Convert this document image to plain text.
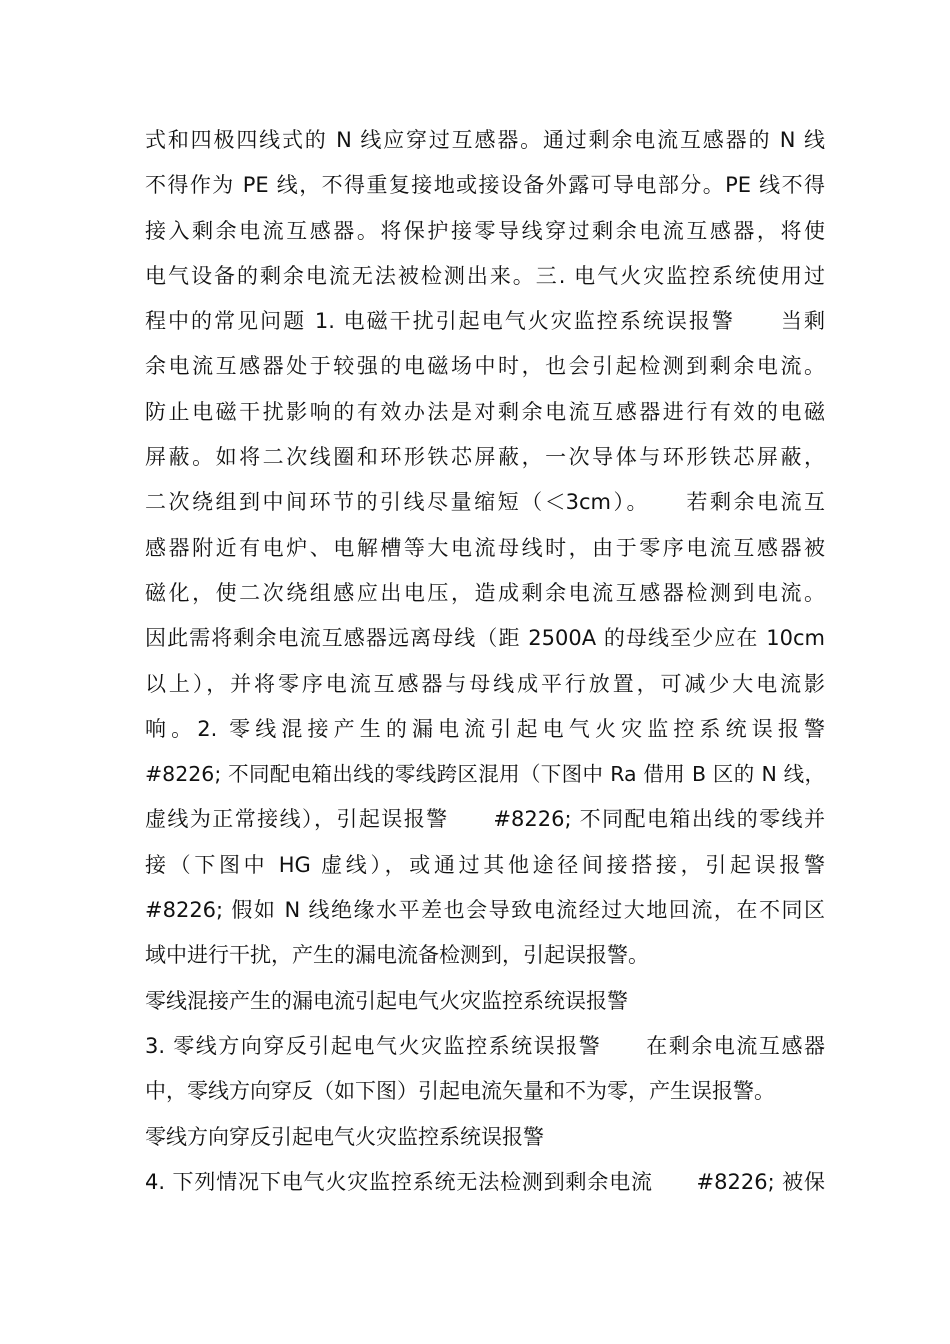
式和四极四线式的 N 线应穿过互感器。通过剩余电流互感器的 N 线
不得作为 PE 线，不得重复接地或接设备外露可导电部分。PE 线不得
接入剩余电流互感器。将保护接零导线穿过剩余电流互感器，将使
电气设备的剩余电流无法被检测出来。三. 电气火灾监控系统使用过
程中的常见问题 1. 电磁干扰引起电气火灾监控系统误报警　　当剩
余电流互感器处于较强的电磁场中时，也会引起检测到剩余电流。
防止电磁干扰影响的有效办法是对剩余电流互感器进行有效的电磁
屏蔽。如将二次线圈和环形铁芯屏蔽，一次导体与环形铁芯屏蔽，
二次绕组到中间环节的引线尽量缩短（＜3cm）。　　若剩余电流互
感器附近有电炉、电解槽等大电流母线时，由于零序电流互感器被
磁化，使二次绕组感应出电压，造成剩余电流互感器检测到电流。
因此需将剩余电流互感器远离母线（距 2500A 的母线至少应在 10cm
以上），并将零序电流互感器与母线成平行放置，可减少大电流影
响。2. 零线混接产生的漏电流引起电气火灾监控系统误报警
#8226; 不同配电箱出线的零线跨区混用（下图中 Ra 借用 B 区的 N 线，
虚线为正常接线），引起误报警　　#8226; 不同配电箱出线的零线并
接（下图中 HG 虚线），或通过其他途径间接搭接，引起误报警
#8226; 假如 N 线绝缘水平差也会导致电流经过大地回流，在不同区
域中进行干扰，产生的漏电流备检测到，引起误报警。
零线混接产生的漏电流引起电气火灾监控系统误报警
3. 零线方向穿反引起电气火灾监控系统误报警　　在剩余电流互感器
中，零线方向穿反（如下图）引起电流矢量和不为零，产生误报警。
零线方向穿反引起电气火灾监控系统误报警
4. 下列情况下电气火灾监控系统无法检测到剩余电流　　#8226; 被保
